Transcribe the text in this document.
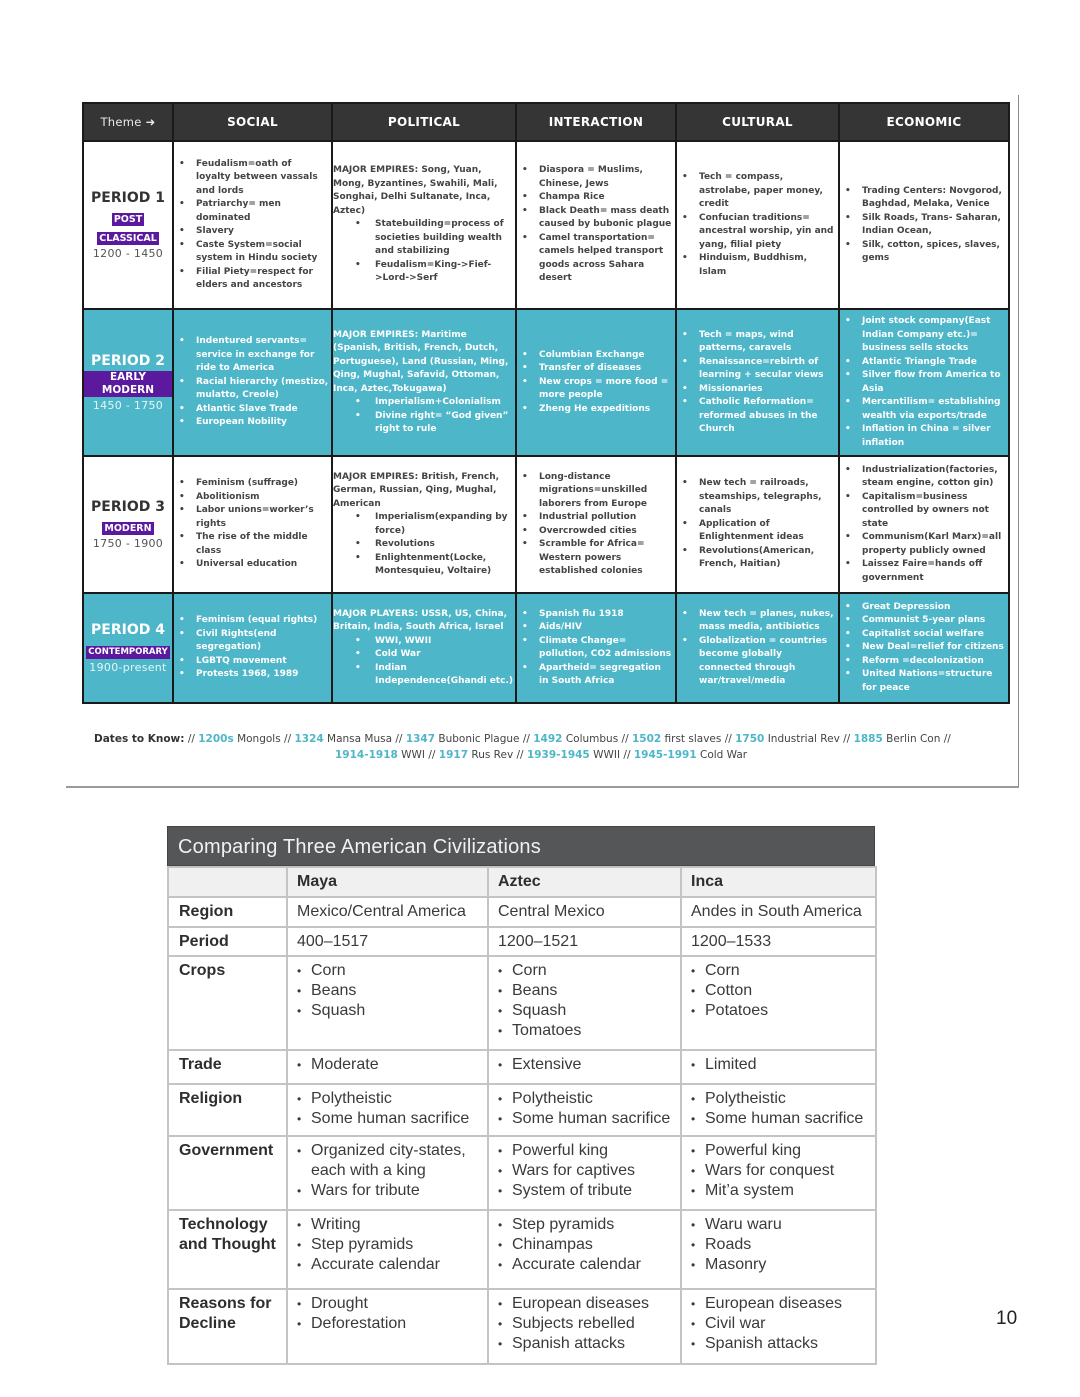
Theme ➜	SOCIAL	POLITICAL	INTERACTION	CULTURAL	ECONOMIC

PERIOD 1
POST
CLASSICAL
1200 - 1450

• Feudalism=oath of loyalty between vassals and lords
• Patriarchy= men dominated
• Slavery
• Caste System=social system in Hindu society
• Filial Piety=respect for elders and ancestors

MAJOR EMPIRES: Song, Yuan, Mong, Byzantines, Swahili, Mali, Songhai, Delhi Sultanate, Inca, Aztec)
• Statebuilding=process of societies building wealth and stabilizing
• Feudalism=King->Fief->Lord->Serf

• Diaspora = Muslims, Chinese, Jews
• Champa Rice
• Black Death= mass death caused by bubonic plague
• Camel transportation= camels helped transport goods across Sahara desert

• Tech = compass, astrolabe, paper money, credit
• Confucian traditions= ancestral worship, yin and yang, filial piety
• Hinduism, Buddhism, Islam

• Trading Centers: Novgorod, Baghdad, Melaka, Venice
• Silk Roads, Trans- Saharan, Indian Ocean,
• Silk, cotton, spices, slaves, gems

PERIOD 2
EARLY MODERN
1450 - 1750

• Indentured servants= service in exchange for ride to America
• Racial hierarchy (mestizo, mulatto, Creole)
• Atlantic Slave Trade
• European Nobility

MAJOR EMPIRES: Maritime (Spanish, British, French, Dutch, Portuguese), Land (Russian, Ming, Qing, Mughal, Safavid, Ottoman, Inca, Aztec,Tokugawa)
• Imperialism+Colonialism
• Divine right= “God given” right to rule

• Columbian Exchange
• Transfer of diseases
• New crops = more food = more people
• Zheng He expeditions

• Tech = maps, wind patterns, caravels
• Renaissance=rebirth of learning + secular views
• Missionaries
• Catholic Reformation= reformed abuses in the Church

• Joint stock company(East Indian Company etc.)= business sells stocks
• Atlantic Triangle Trade
• Silver flow from America to Asia
• Mercantilism= establishing wealth via exports/trade
• Inflation in China = silver inflation

PERIOD 3
MODERN
1750 - 1900

• Feminism (suffrage)
• Abolitionism
• Labor unions=worker’s rights
• The rise of the middle class
• Universal education

MAJOR EMPIRES: British, French, German, Russian, Qing, Mughal, American
• Imperialism(expanding by force)
• Revolutions
• Enlightenment(Locke, Montesquieu, Voltaire)

• Long-distance migrations=unskilled laborers from Europe
• Industrial pollution
• Overcrowded cities
• Scramble for Africa= Western powers established colonies

• New tech = railroads, steamships, telegraphs, canals
• Application of Enlightenment ideas
• Revolutions(American, French, Haitian)

• Industrialization(factories, steam engine, cotton gin)
• Capitalism=business controlled by owners not state
• Communism(Karl Marx)=all property publicly owned
• Laissez Faire=hands off government

PERIOD 4
CONTEMPORARY
1900-present

• Feminism (equal rights)
• Civil Rights(end segregation)
• LGBTQ movement
• Protests 1968, 1989

MAJOR PLAYERS: USSR, US, China, Britain, India, South Africa, Israel
• WWI, WWII
• Cold War
• Indian Independence(Ghandi etc.)

• Spanish flu 1918
• Aids/HIV
• Climate Change= pollution, CO2 admissions
• Apartheid= segregation in South Africa

• New tech = planes, nukes, mass media, antibiotics
• Globalization = countries become globally connected through war/travel/media

• Great Depression
• Communist 5-year plans
• Capitalist social welfare
• New Deal=relief for citizens
• Reform =decolonization
• United Nations=structure for peace
Dates to Know: // 1200s Mongols // 1324 Mansa Musa // 1347 Bubonic Plague // 1492 Columbus // 1502 first slaves // 1750 Industrial Rev // 1885 Berlin Con //
1914-1918 WWI // 1917 Rus Rev // 1939-1945 WWII // 1945-1991 Cold War
Comparing Three American Civilizations
	Maya	Aztec	Inca
Region	Mexico/Central America	Central Mexico	Andes in South America
Period	400–1517	1200–1521	1200–1533
Crops	
•Corn
• Beans
• Squash

• Corn
• Beans
• Squash
• Tomatoes

• Corn
• Cotton
• Potatoes

Trade	
•Moderate

•Extensive

•Limited

Religion	
•Polytheistic
• Some human sacrifice

• Polytheistic
• Some human sacrifice

• Polytheistic
• Some human sacrifice

Government	
•Organized city-states, each with a king
• Wars for tribute

• Powerful king
• Wars for captives
• System of tribute

• Powerful king
• Wars for conquest
• Mit’a system

Technology and Thought	
• Writing
• Step pyramids
• Accurate calendar

• Step pyramids
• Chinampas
• Accurate calendar

• Waru waru
• Roads
• Masonry

Reasons for Decline	
• Drought
• Deforestation

• European diseases
• Subjects rebelled
• Spanish attacks

• European diseases
• Civil war
• Spanish attacks
10
